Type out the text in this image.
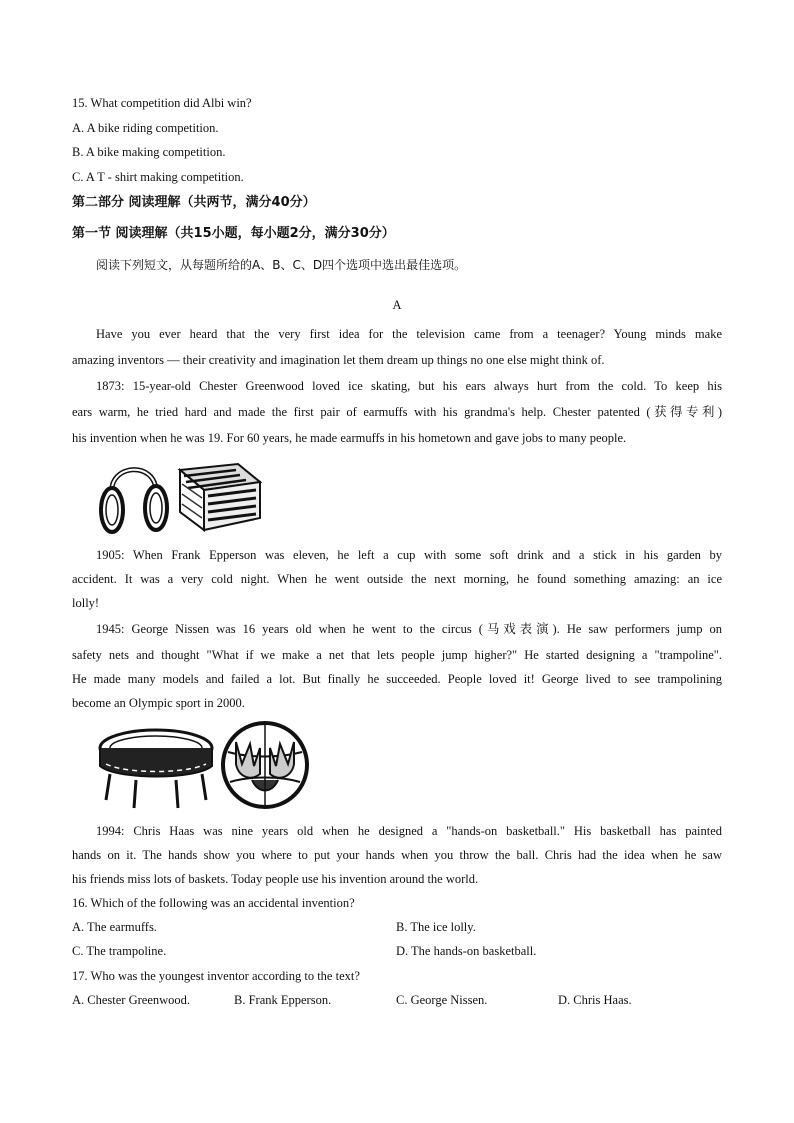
15. What competition did Albi win?
A. A bike riding competition.
B. A bike making competition.
C. A T - shirt making competition.
第二部分 阅读理解（共两节，满分40分）
第一节 阅读理解（共15小题，每小题2分，满分30分）
阅读下列短文，从每题所给的A、B、C、D四个选项中选出最佳选项。
A
Have you ever heard that the very first idea for the television came from a teenager? Young minds make
amazing inventors — their creativity and imagination let them dream up things no one else might think of.
1873: 15-year-old Chester Greenwood loved ice skating, but his ears always hurt from the cold. To keep his
ears warm, he tried hard and made the first pair of earmuffs with his grandma's help. Chester patented (获得专利)
his invention when he was 19. For 60 years, he made earmuffs in his hometown and gave jobs to many people.
1905: When Frank Epperson was eleven, he left a cup with some soft drink and a stick in his garden by
accident. It was a very cold night. When he went outside the next morning, he found something amazing: an ice
lolly!
1945: George Nissen was 16 years old when he went to the circus (马戏表演). He saw performers jump on
safety nets and thought "What if we make a net that lets people jump higher?" He started designing a "trampoline".
He made many models and failed a lot. But finally he succeeded. People loved it! George lived to see trampolining
become an Olympic sport in 2000.
1994: Chris Haas was nine years old when he designed a "hands-on basketball." His basketball has painted
hands on it. The hands show you where to put your hands when you throw the ball. Chris had the idea when he saw
his friends miss lots of baskets. Today people use his invention around the world.
16. Which of the following was an accidental invention?
A. The earmuffs.	B. The ice lolly.
C. The trampoline.	D. The hands-on basketball.
17. Who was the youngest inventor according to the text?
A. Chester Greenwood.	B. Frank Epperson.	C. George Nissen.	D. Chris Haas.
